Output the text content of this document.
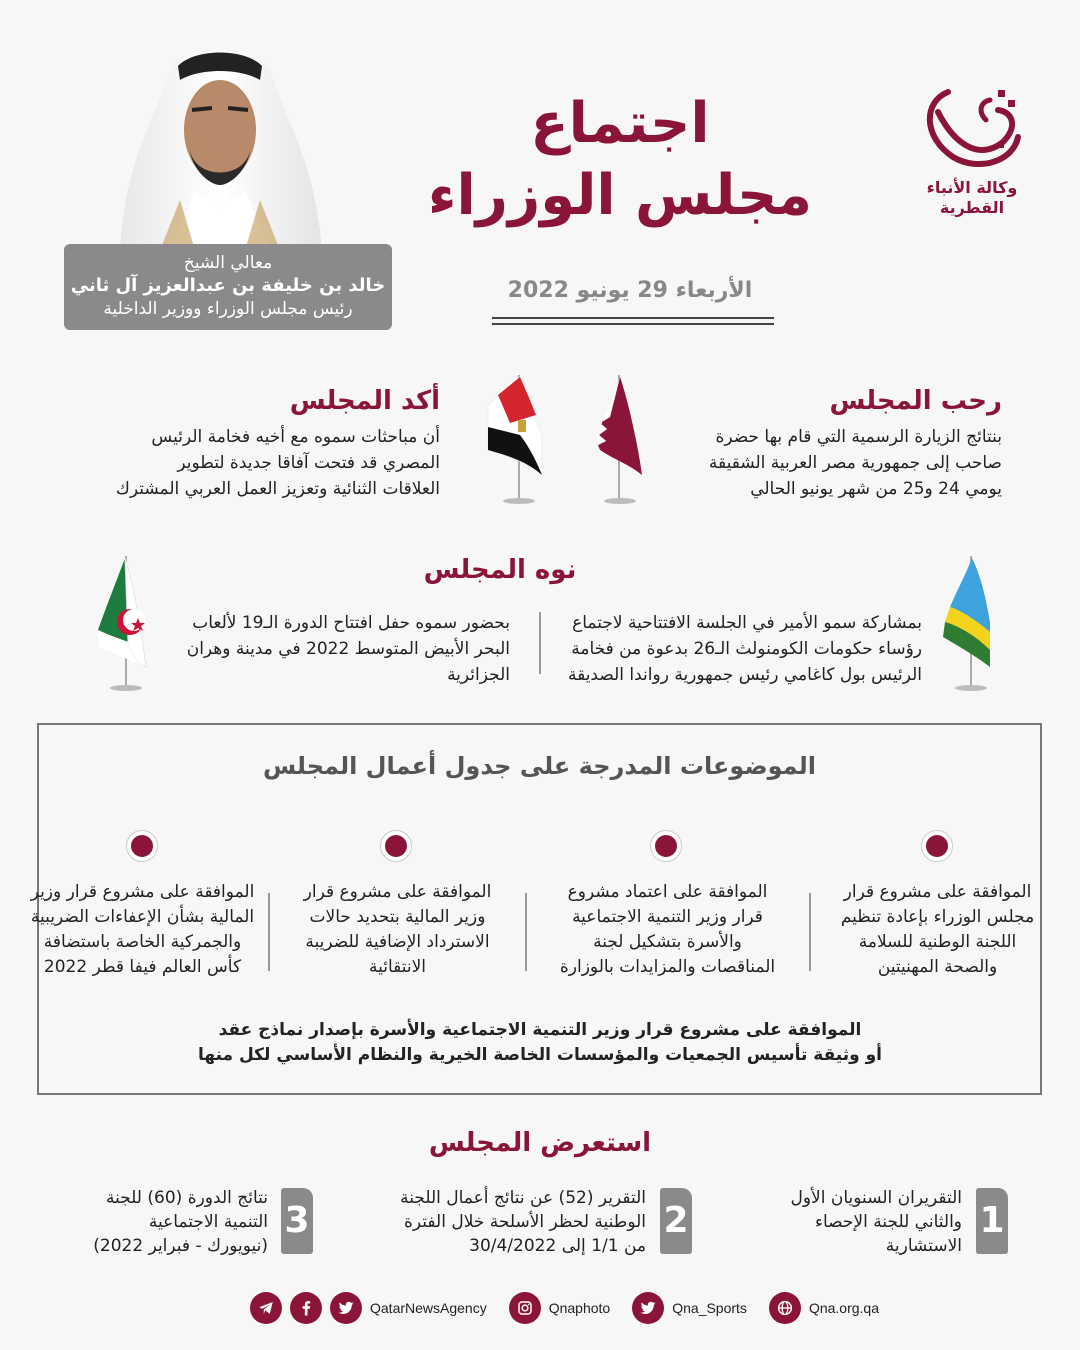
وكالة الأنباء
القطرية
اجتماع
مجلس الوزراء
الأربعاء 29 يونيو 2022
معالي الشيخ
خالد بن خليفة بن عبدالعزيز آل ثاني
رئيس مجلس الوزراء ووزير الداخلية
رحب المجلس
بنتائج الزيارة الرسمية التي قام بها حضرة
صاحب إلى جمهورية مصر العربية الشقيقة
يومي 24 و25 من شهر يونيو الحالي
أكد المجلس
أن مباحثات سموه مع أخيه فخامة الرئيس
المصري قد فتحت آفاقا جديدة لتطوير
العلاقات الثنائية وتعزيز العمل العربي المشترك
نوه المجلس
بمشاركة سمو الأمير في الجلسة الافتتاحية لاجتماع
رؤساء حكومات الكومنولث الـ26 بدعوة من فخامة
الرئيس بول كاغامي رئيس جمهورية رواندا الصديقة
بحضور سموه حفل افتتاح الدورة الـ19 لألعاب
البحر الأبيض المتوسط 2022 في مدينة وهران
الجزائرية
الموضوعات المدرجة على جدول أعمال المجلس
الموافقة على مشروع قرار
مجلس الوزراء بإعادة تنظيم
اللجنة الوطنية للسلامة
والصحة المهنيتين
الموافقة على اعتماد مشروع
قرار وزير التنمية الاجتماعية
والأسرة بتشكيل لجنة
المناقصات والمزايدات بالوزارة
الموافقة على مشروع قرار
وزير المالية بتحديد حالات
الاسترداد الإضافية للضريبة
الانتقائية
الموافقة على مشروع قرار وزير
المالية بشأن الإعفاءات الضريبية
والجمركية الخاصة باستضافة
كأس العالم فيفا قطر 2022
الموافقة على مشروع قرار وزير التنمية الاجتماعية والأسرة بإصدار نماذج عقد
أو وثيقة تأسيس الجمعيات والمؤسسات الخاصة الخيرية والنظام الأساسي لكل منها
استعرض المجلس
1
التقريران السنويان الأول
والثاني للجنة الإحصاء
الاستشارية
2
التقرير (52) عن نتائج أعمال اللجنة
الوطنية لحظر الأسلحة خلال الفترة
من 1/1 إلى 30/4/2022
3
نتائج الدورة (60) للجنة
التنمية الاجتماعية
(نيويورك - فبراير 2022)
QatarNewsAgency	Qnaphoto	Qna_Sports	Qna.org.qa
